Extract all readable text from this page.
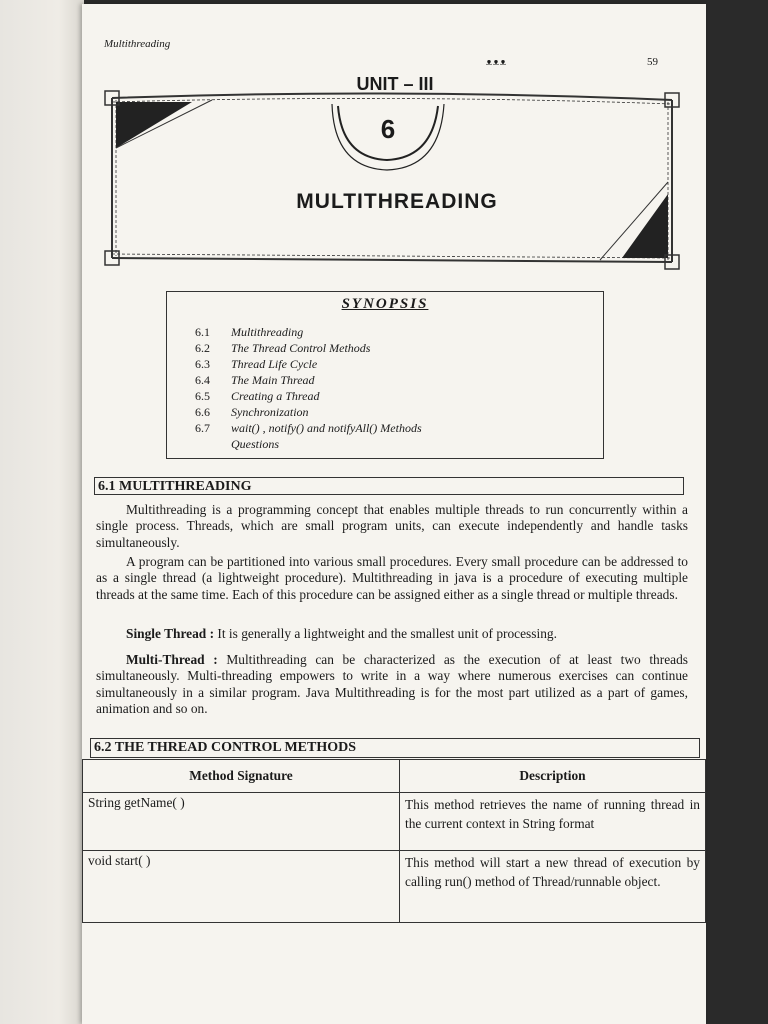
Multithreading
ᴥᴥᴥ	59
UNIT – III
6
MULTITHREADING
SYNOPSIS
6.1 Multithreading
6.2 The Thread Control Methods
6.3 Thread Life Cycle
6.4 The Main Thread
6.5 Creating a Thread
6.6 Synchronization
6.7 wait() , notify() and notifyAll() Methods
Questions
6.1 MULTITHREADING

Multithreading is a programming concept that enables multiple threads to run concurrently within a single process. Threads, which are small program units, can execute independently and handle tasks simultaneously.

A program can be partitioned into various small procedures. Every small procedure can be addressed to as a single thread (a lightweight procedure). Multithreading in java is a procedure of executing multiple threads at the same time. Each of this procedure can be assigned either as a single thread or multiple threads.

Single Thread : It is generally a lightweight and the smallest unit of processing.

Multi-Thread : Multithreading can be characterized as the execution of at least two threads simultaneously. Multi-threading empowers to write in a way where numerous exercises can continue simultaneously in a similar program. Java Multithreading is for the most part utilized as a part of games, animation and so on.

6.2 THE THREAD CONTROL METHODS
Method Signature	Description
String getName( )	This method retrieves the name of running thread in the current context in String format
void start( )	This method will start a new thread of execution by calling run() method of Thread/runnable object.
